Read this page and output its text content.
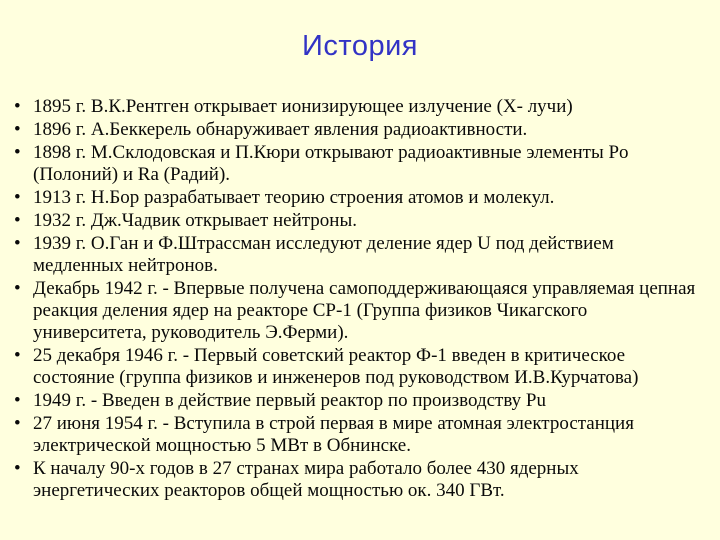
История
• 1895 г. В.К.Рентген открывает ионизирующее излучение (X- лучи)
• 1896 г. А.Беккерель обнаруживает явления радиоактивности.
• 1898 г. М.Склодовская и П.Кюри открывают радиоактивные элементы Po (Полоний) и Ra (Радий).
• 1913 г. Н.Бор разрабатывает теорию строения атомов и молекул.
• 1932 г. Дж.Чадвик открывает нейтроны.
• 1939 г. О.Ган и Ф.Штрассман исследуют деление ядер U под действием медленных нейтронов.
• Декабрь 1942 г. - Впервые получена самоподдерживающаяся управляемая цепная реакция деления ядер на реакторе СР-1 (Группа физиков Чикагского университета, руководитель Э.Ферми).
• 25 декабря 1946 г. - Первый советский реактор Ф-1 введен в критическое состояние (группа физиков и инженеров под руководством И.В.Курчатова)
• 1949 г. - Введен в действие первый реактор по производству Pu
• 27 июня 1954 г. - Вступила в строй первая в мире атомная электростанция электрической мощностью 5 МВт в Обнинске.
• К началу 90-х годов в 27 странах мира работало более 430 ядерных энергетических реакторов общей мощностью ок. 340 ГВт.
